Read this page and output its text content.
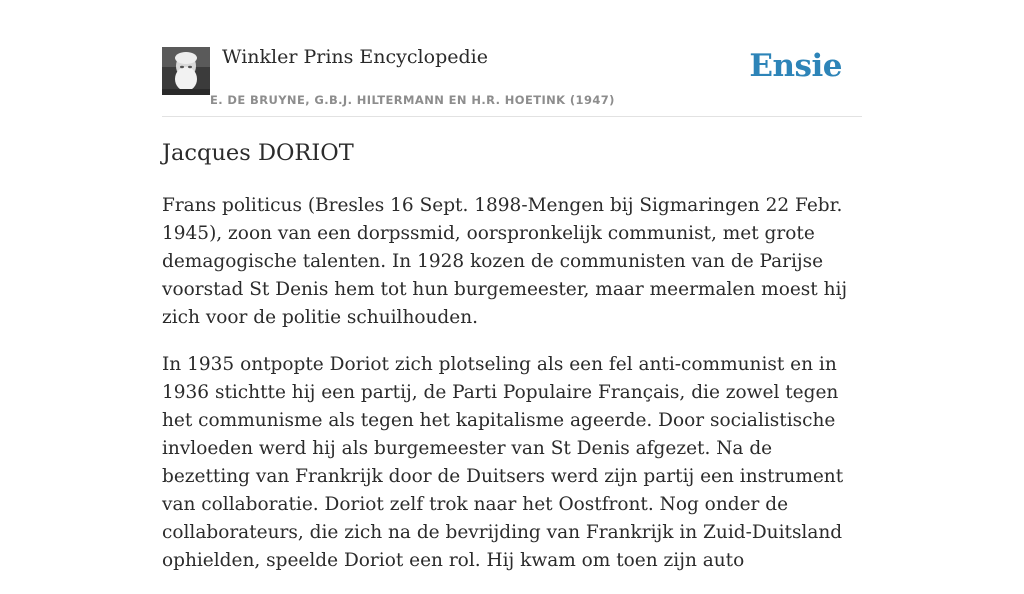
Winkler Prins Encyclopedie
E. DE BRUYNE, G.B.J. HILTERMANN EN H.R. HOETINK (1947)
Ensie
Jacques DORIOT

Frans politicus (Bresles 16 Sept. 1898-Mengen bij Sigmaringen 22 Febr. 1945), zoon van een dorpssmid, oorspronkelijk communist, met grote demagogische talenten. In 1928 kozen de communisten van de Parijse voorstad St Denis hem tot hun burgemeester, maar meermalen moest hij zich voor de politie schuilhouden.

In 1935 ontpopte Doriot zich plotseling als een fel anti-communist en in 1936 stichtte hij een partij, de Parti Populaire Français, die zowel tegen het communisme als tegen het kapitalisme ageerde. Door socialistische invloeden werd hij als burgemeester van St Denis afgezet. Na de bezetting van Frankrijk door de Duitsers werd zijn partij een instrument van collaboratie. Doriot zelf trok naar het Oostfront. Nog onder de collaborateurs, die zich na de bevrijding van Frankrijk in Zuid-Duitsland ophielden, speelde Doriot een rol. Hij kwam om toen zijn auto
